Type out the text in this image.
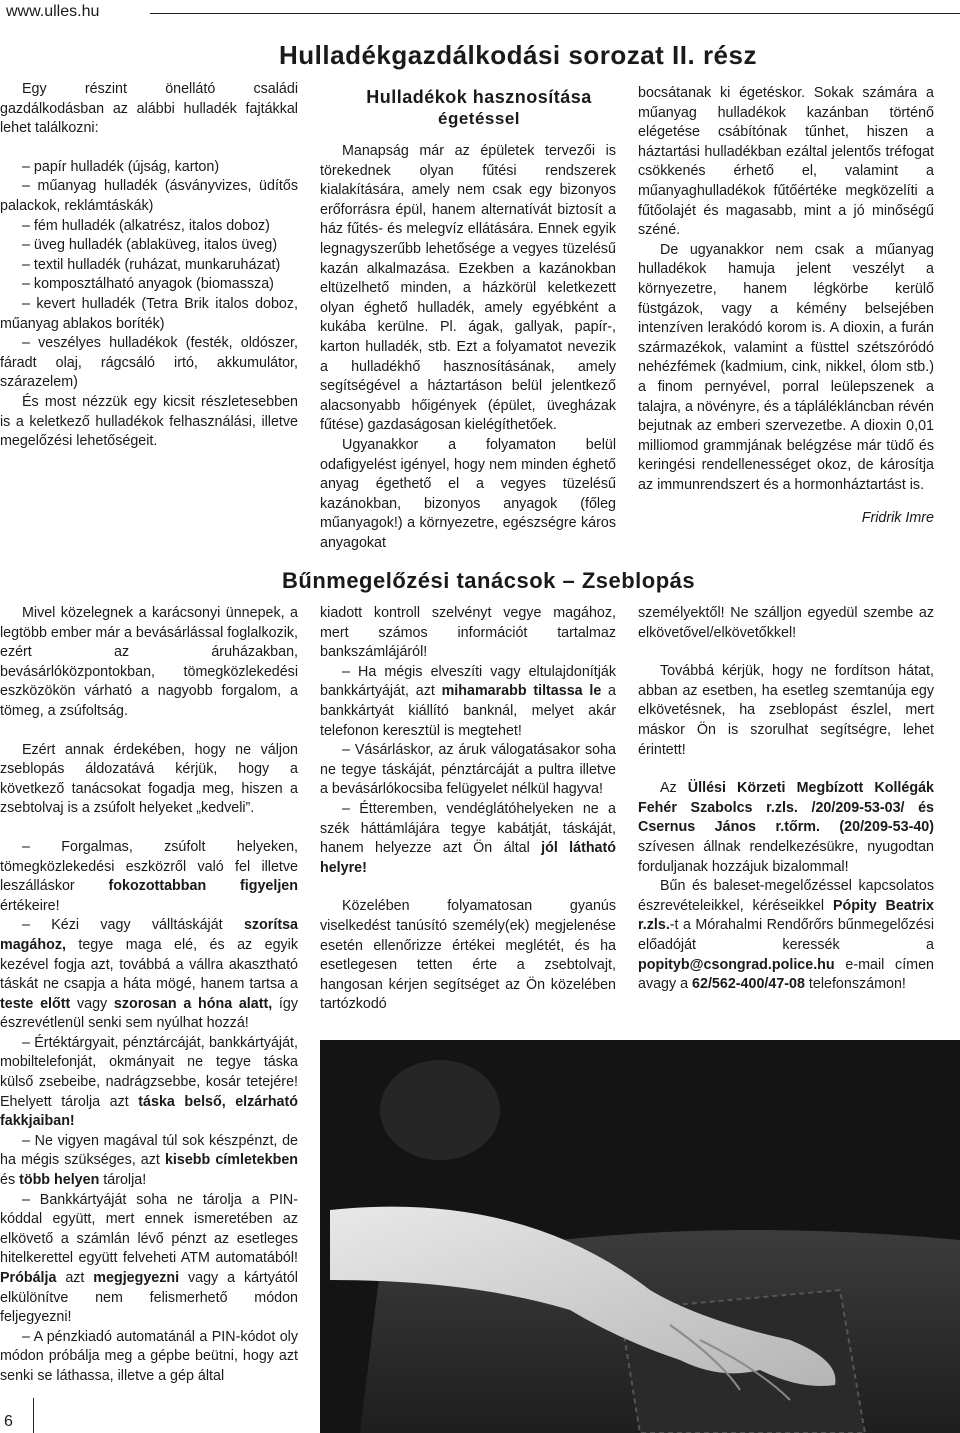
www.ulles.hu
Hulladékgazdálkodási sorozat II. rész

Egy részint önellátó családi gazdálkodásban az alábbi hulladék fajtákkal lehet találkozni:

– papír hulladék (újság, karton)

– műanyag hulladék (ásványvizes, üdítős palackok, reklámtáskák)

– fém hulladék (alkatrész, italos doboz)

– üveg hulladék (ablaküveg, italos üveg)

– textil hulladék (ruházat, munkaruházat)

– komposztálható anyagok (biomassza)

– kevert hulladék (Tetra Brik italos doboz, műanyag ablakos boríték)

– veszélyes hulladékok (festék, oldószer, fáradt olaj, rágcsáló irtó, akkumulátor, szárazelem)

És most nézzük egy kicsit részletesebben is a keletkező hulladékok felhasználási, illetve megelőzési lehetőségeit.

Hulladékok hasznosítása
égetéssel

Manapság már az épületek tervezői is törekednek olyan fűtési rendszerek kialakítására, amely nem csak egy bizonyos erőforrásra épül, hanem alternatívát biztosít a ház fűtés- és melegvíz ellátására. Ennek egyik legnagyszerűbb lehetősége a vegyes tüzelésű kazán alkalmazása. Ezekben a kazánokban eltüzelhető minden, a házkörül keletkezett olyan éghető hulladék, amely egyébként a kukába kerülne. Pl. ágak, gallyak, papír-, karton hulladék, stb. Ezt a folyamatot nevezik a hulladékhő hasznosításának, amely segítségével a háztartáson belül jelentkező alacsonyabb hőigények (épület, üvegházak fűtése) gazdaságosan kielégíthetőek.

Ugyanakkor a folyamaton belül odafigyelést igényel, hogy nem minden éghető anyag égethető el a vegyes tüzelésű kazánokban, bizonyos anyagok (főleg műanyagok!) a környezetre, egészségre káros anyagokat

bocsátanak ki égetéskor. Sokak számára a műanyag hulladékok kazánban történő elégetése csábítónak tűnhet, hiszen a háztartási hulladékban ezáltal jelentős tréfogat csökkenés érhető el, valamint a műanyaghulladékok fűtőértéke megközelíti a fűtőolajét és magasabb, mint a jó minőségű széné.

De ugyanakkor nem csak a műanyag hulladékok hamuja jelent veszélyt a környezetre, hanem légkörbe kerülő füstgázok, vagy a kémény belsejében intenzíven lerakódó korom is. A dioxin, a furán származékok, valamint a füsttel szétszóródó nehézfémek (kadmium, cink, nikkel, ólom stb.) a finom pernyével, porral leülepszenek a talajra, a növényre, és a táplálékláncban révén bejutnak az emberi szervezetbe. A dioxin 0,01 milliomod grammjának belégzése már tüdő és keringési rendellenességet okoz, de károsítja az immunrendszert és a hormonháztartást is.

Fridrik Imre

Bűnmegelőzési tanácsok – Zseblopás

Mivel közelegnek a karácsonyi ünnepek, a legtöbb ember már a bevásárlással foglalkozik, ezért az áruházakban, bevásárlóközpontokban, tömegközlekedési eszközökön várható a nagyobb forgalom, a tömeg, a zsúfoltság.

Ezért annak érdekében, hogy ne váljon zseblopás áldozatává kérjük, hogy a következő tanácsokat fogadja meg, hiszen a zsebtolvaj is a zsúfolt helyeket „kedveli”.

– Forgalmas, zsúfolt helyeken, tömegközlekedési eszközről való fel illetve leszálláskor fokozottabban figyeljen értékeire!

– Kézi vagy válltáskáját szorítsa magához, tegye maga elé, és az egyik kezével fogja azt, továbbá a vállra akasztható táskát ne csapja a háta mögé, hanem tartsa a teste előtt vagy szorosan a hóna alatt, így észrevétlenül senki sem nyúlhat hozzá!

– Értéktárgyait, pénztárcáját, bankkártyáját, mobiltelefonját, okmányait ne tegye táska külső zsebeibe, nadrágzsebbe, kosár tetejére! Ehelyett tárolja azt táska belső, elzárható fakkjaiban!

– Ne vigyen magával túl sok készpénzt, de ha mégis szükséges, azt kisebb címletekben és több helyen tárolja!

– Bankkártyáját soha ne tárolja a PIN-kóddal együtt, mert ennek ismeretében az elkövető a számlán lévő pénzt az esetleges hitelkerettel együtt felveheti ATM automatából! Próbálja azt megjegyezni vagy a kártyától elkülönítve nem felismerhető módon feljegyezni!

– A pénzkiadó automatánál a PIN-kódot oly módon próbálja meg a gépbe beütni, hogy azt senki se láthassa, illetve a gép által

kiadott kontroll szelvényt vegye magához, mert számos információt tartalmaz bankszámlájáról!

– Ha mégis elveszíti vagy eltulajdonítják bankkártyáját, azt mihamarabb tiltassa le a bankkártyát kiállító banknál, melyet akár telefonon keresztül is megtehet!

– Vásárláskor, az áruk válogatásakor soha ne tegye táskáját, pénztárcáját a pultra illetve a bevásárlókocsiba felügyelet nélkül hagyva!

– Étteremben, vendéglátóhelyeken ne a szék háttámlájára tegye kabátját, táskáját, hanem helyezze azt Ön által jól látható helyre!

Közelében folyamatosan gyanús viselkedést tanúsító személy(ek) megjelenése esetén ellenőrizze értékei meglétét, és ha esetlegesen tetten érte a zsebtolvajt, hangosan kérjen segítséget az Ön közelében tartózkodó

személyektől! Ne szálljon egyedül szembe az elkövetővel/elkövetőkkel!

Továbbá kérjük, hogy ne fordítson hátat, abban az esetben, ha esetleg szemtanúja egy elkövetésnek, ha zseblopást észlel, mert máskor Ön is szorulhat segítségre, lehet érintett!

Az Üllési Körzeti Megbízott Kollégák Fehér Szabolcs r.zls. /20/209-53-03/ és Csernus János r.tőrm. (20/209-53-40) szívesen állnak rendelkezésükre, nyugodtan forduljanak hozzájuk bizalommal!

Bűn és baleset-megelőzéssel kapcsolatos észrevételeikkel, kéréseikkel Pópity Beatrix r.zls.-t a Mórahalmi Rendőrőrs bűnmegelőzési előadóját keressék a popityb@csongrad.police.hu e-mail címen avagy a 62/562-400/47-08 telefonszámon!

6
